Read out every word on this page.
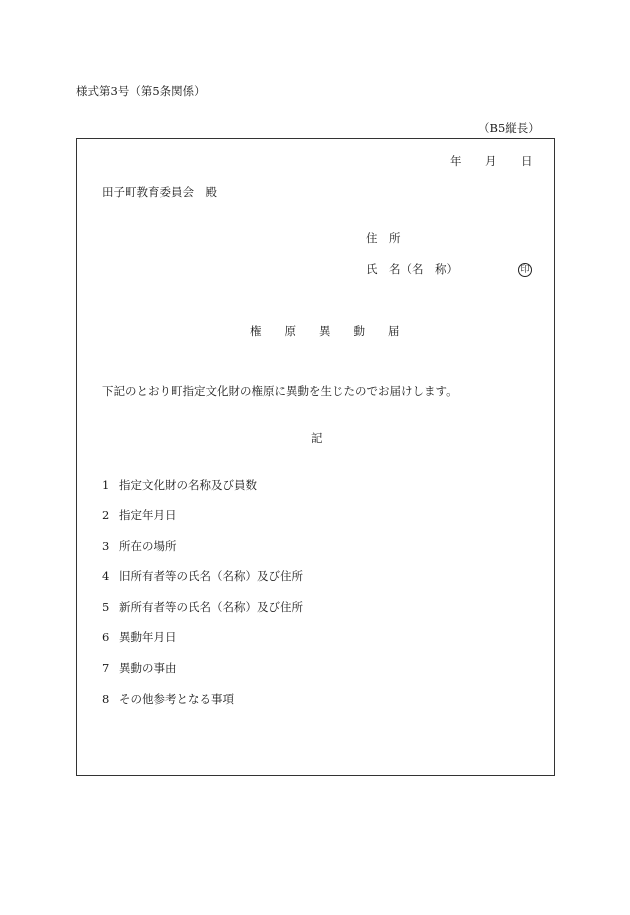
様式第3号（第5条関係）
（B5縦長）
年 月 日
田子町教育委員会　殿
住　所
氏　名（名　称）	印
権　　原　　異　　動　　届
下記のとおり町指定文化財の権原に異動を生じたのでお届けします。
記
1 指定文化財の名称及び員数
2 指定年月日
3 所在の場所
4 旧所有者等の氏名（名称）及び住所
5 新所有者等の氏名（名称）及び住所
6 異動年月日
7 異動の事由
8 その他参考となる事項
